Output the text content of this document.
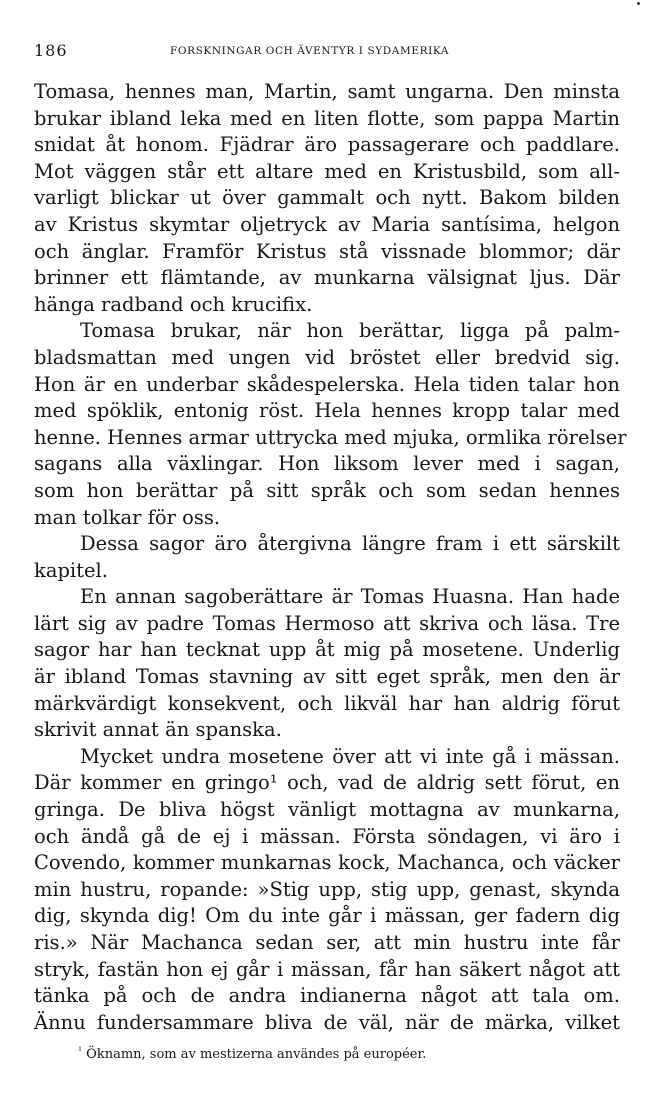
186	FORSKNINGAR OCH ÄVENTYR I SYDAMERIKA
Tomasa, hennes man, Martin, samt ungarna. Den minsta
brukar ibland leka med en liten flotte, som pappa Martin
snidat åt honom. Fjädrar äro passagerare och paddlare.
Mot väggen står ett altare med en Kristusbild, som all-
varligt blickar ut över gammalt och nytt. Bakom bilden
av Kristus skymtar oljetryck av Maria santísima, helgon
och änglar. Framför Kristus stå vissnade blommor; där
brinner ett flämtande, av munkarna välsignat ljus. Där
hänga radband och krucifix.
Tomasa brukar, när hon berättar, ligga på palm-
bladsmattan med ungen vid bröstet eller bredvid sig.
Hon är en underbar skådespelerska. Hela tiden talar hon
med spöklik, entonig röst. Hela hennes kropp talar med
henne. Hennes armar uttrycka med mjuka, ormlika rörelser
sagans alla växlingar. Hon liksom lever med i sagan,
som hon berättar på sitt språk och som sedan hennes
man tolkar för oss.
Dessa sagor äro återgivna längre fram i ett särskilt
kapitel.
En annan sagoberättare är Tomas Huasna. Han hade
lärt sig av padre Tomas Hermoso att skriva och läsa. Tre
sagor har han tecknat upp åt mig på mosetene. Underlig
är ibland Tomas stavning av sitt eget språk, men den är
märkvärdigt konsekvent, och likväl har han aldrig förut
skrivit annat än spanska.
Mycket undra mosetene över att vi inte gå i mässan.
Där kommer en gringo¹ och, vad de aldrig sett förut, en
gringa. De bliva högst vänligt mottagna av munkarna,
och ändå gå de ej i mässan. Första söndagen, vi äro i
Covendo, kommer munkarnas kock, Machanca, och väcker
min hustru, ropande: »Stig upp, stig upp, genast, skynda
dig, skynda dig! Om du inte går i mässan, ger fadern dig
ris.» När Machanca sedan ser, att min hustru inte får
stryk, fastän hon ej går i mässan, får han säkert något att
tänka på och de andra indianerna något att tala om.
Ännu fundersammare bliva de väl, när de märka, vilket
$^{^1}$ Öknamn, som av mestizerna användes på européer.
